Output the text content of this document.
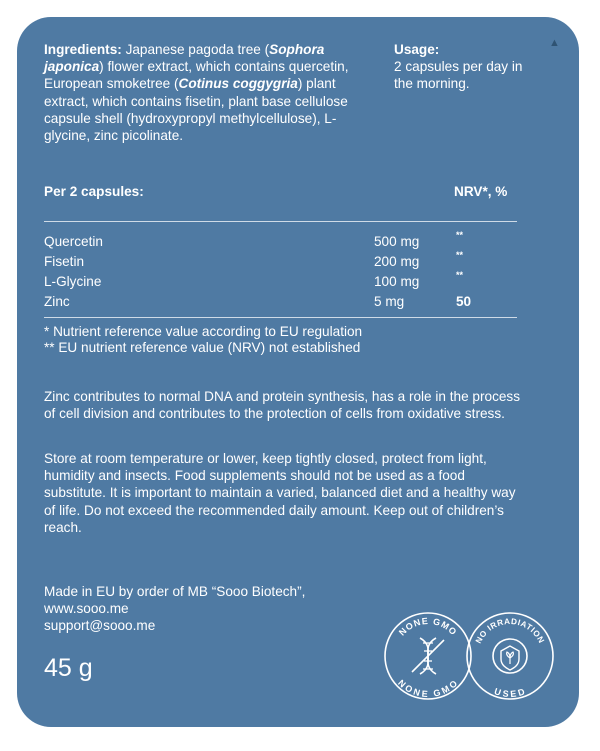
▲
Ingredients: Japanese pagoda tree (Sophora japonica) flower extract, which contains quercetin, European smoketree (Cotinus coggygria) plant extract, which contains fisetin, plant base cellulose capsule shell (hydroxypropyl methylcellulose), L-glycine, zinc picolinate.
Usage:
2 capsules per day in the morning.
Per 2 capsules:	NRV*, %
Quercetin	500 mg	**
Fisetin	200 mg	**
L-Glycine	100 mg	**
Zinc	5 mg	50
* Nutrient reference value according to EU regulation
** EU nutrient reference value (NRV) not established
Zinc contributes to normal DNA and protein synthesis, has a role in the process of cell division and contributes to the protection of cells from oxidative stress.
Store at room temperature or lower, keep tightly closed, protect from light, humidity and insects. Food supplements should not be used as a food substitute. It is important to maintain a varied, balanced diet and a healthy way of life. Do not exceed the recommended daily amount. Keep out of children’s reach.
Made in EU by order of MB “Sooo Biotech”,
www.sooo.me
support@sooo.me
45 g
NONE GMO
NONE GMO
NO IRRADIATION
USED
